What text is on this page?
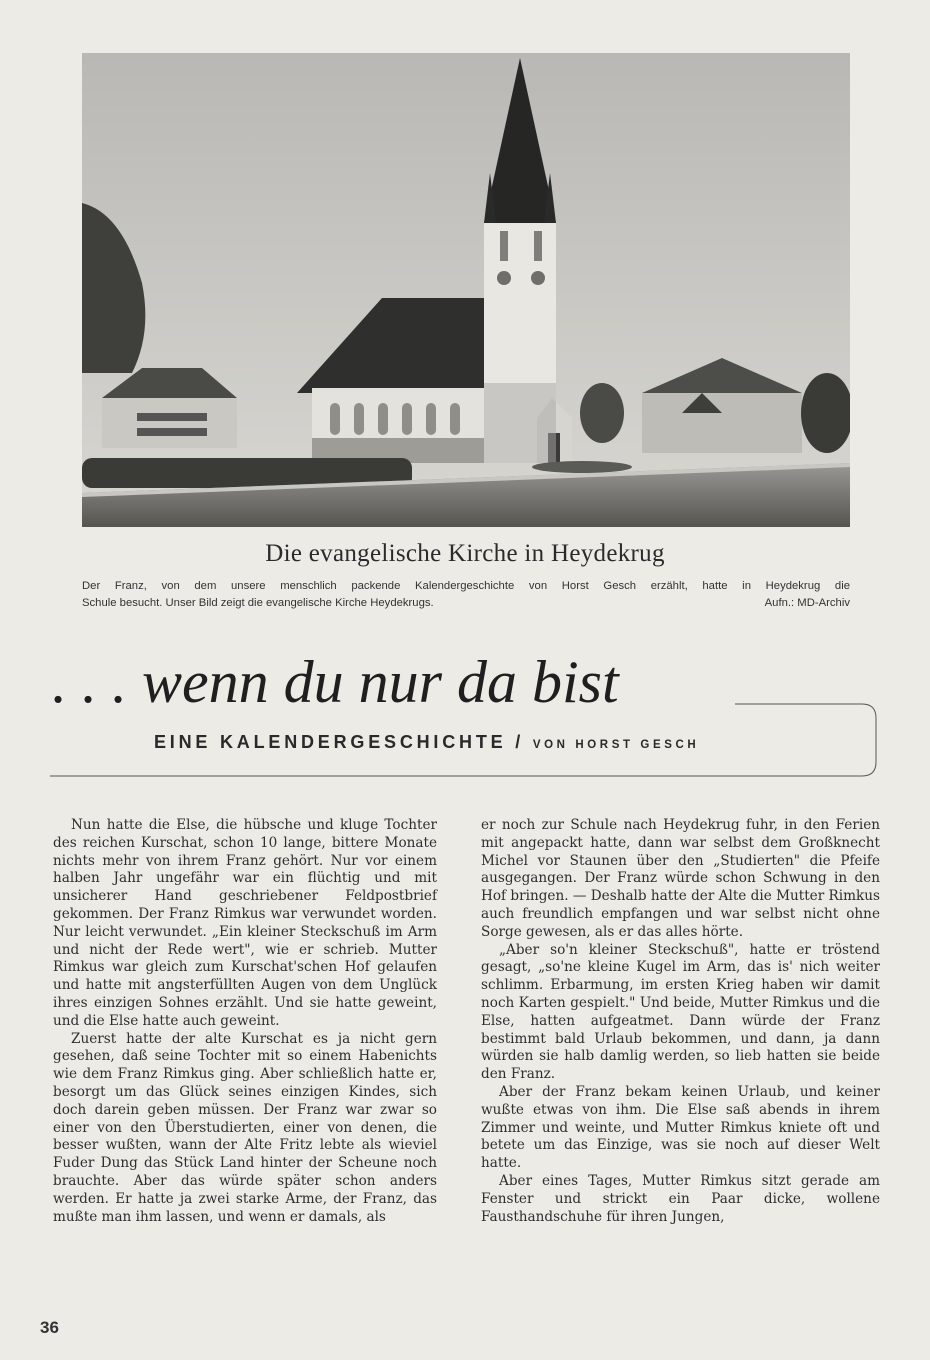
Die evangelische Kirche in Heydekrug
Der Franz, von dem unsere menschlich packende Kalendergeschichte von Horst Gesch erzählt, hatte in Heydekrug die
Schule besucht. Unser Bild zeigt die evangelische Kirche Heydekrugs.	Aufn.: MD-Archiv
. . . wenn du nur da bist
EINE KALENDERGESCHICHTE / VON HORST GESCH

Nun hatte die Else, die hübsche und kluge Tochter des reichen Kurschat, schon 10 lange, bittere Monate nichts mehr von ihrem Franz gehört. Nur vor einem halben Jahr ungefähr war ein flüchtig und mit unsicherer Hand geschriebener Feldpostbrief gekommen. Der Franz Rimkus war verwundet worden. Nur leicht verwundet. „Ein kleiner Steckschuß im Arm und nicht der Rede wert", wie er schrieb. Mutter Rimkus war gleich zum Kurschat'schen Hof gelaufen und hatte mit angsterfüllten Augen von dem Unglück ihres einzigen Sohnes erzählt. Und sie hatte geweint, und die Else hatte auch geweint.

Zuerst hatte der alte Kurschat es ja nicht gern gesehen, daß seine Tochter mit so einem Habenichts wie dem Franz Rimkus ging. Aber schließlich hatte er, besorgt um das Glück seines einzigen Kindes, sich doch darein geben müssen. Der Franz war zwar so einer von den Überstudierten, einer von denen, die besser wußten, wann der Alte Fritz lebte als wieviel Fuder Dung das Stück Land hinter der Scheune noch brauchte. Aber das würde später schon anders werden. Er hatte ja zwei starke Arme, der Franz, das mußte man ihm lassen, und wenn er damals, als

er noch zur Schule nach Heydekrug fuhr, in den Ferien mit angepackt hatte, dann war selbst dem Großknecht Michel vor Staunen über den „Studierten" die Pfeife ausgegangen. Der Franz würde schon Schwung in den Hof bringen. — Deshalb hatte der Alte die Mutter Rimkus auch freundlich empfangen und war selbst nicht ohne Sorge gewesen, als er das alles hörte.

„Aber so'n kleiner Steckschuß", hatte er tröstend gesagt, „so'ne kleine Kugel im Arm, das is' nich weiter schlimm. Erbarmung, im ersten Krieg haben wir damit noch Karten gespielt." Und beide, Mutter Rimkus und die Else, hatten aufgeatmet. Dann würde der Franz bestimmt bald Urlaub bekommen, und dann, ja dann würden sie halb damlig werden, so lieb hatten sie beide den Franz.

Aber der Franz bekam keinen Urlaub, und keiner wußte etwas von ihm. Die Else saß abends in ihrem Zimmer und weinte, und Mutter Rimkus kniete oft und betete um das Einzige, was sie noch auf dieser Welt hatte.

Aber eines Tages, Mutter Rimkus sitzt gerade am Fenster und strickt ein Paar dicke, wollene Fausthandschuhe für ihren Jungen,

36
